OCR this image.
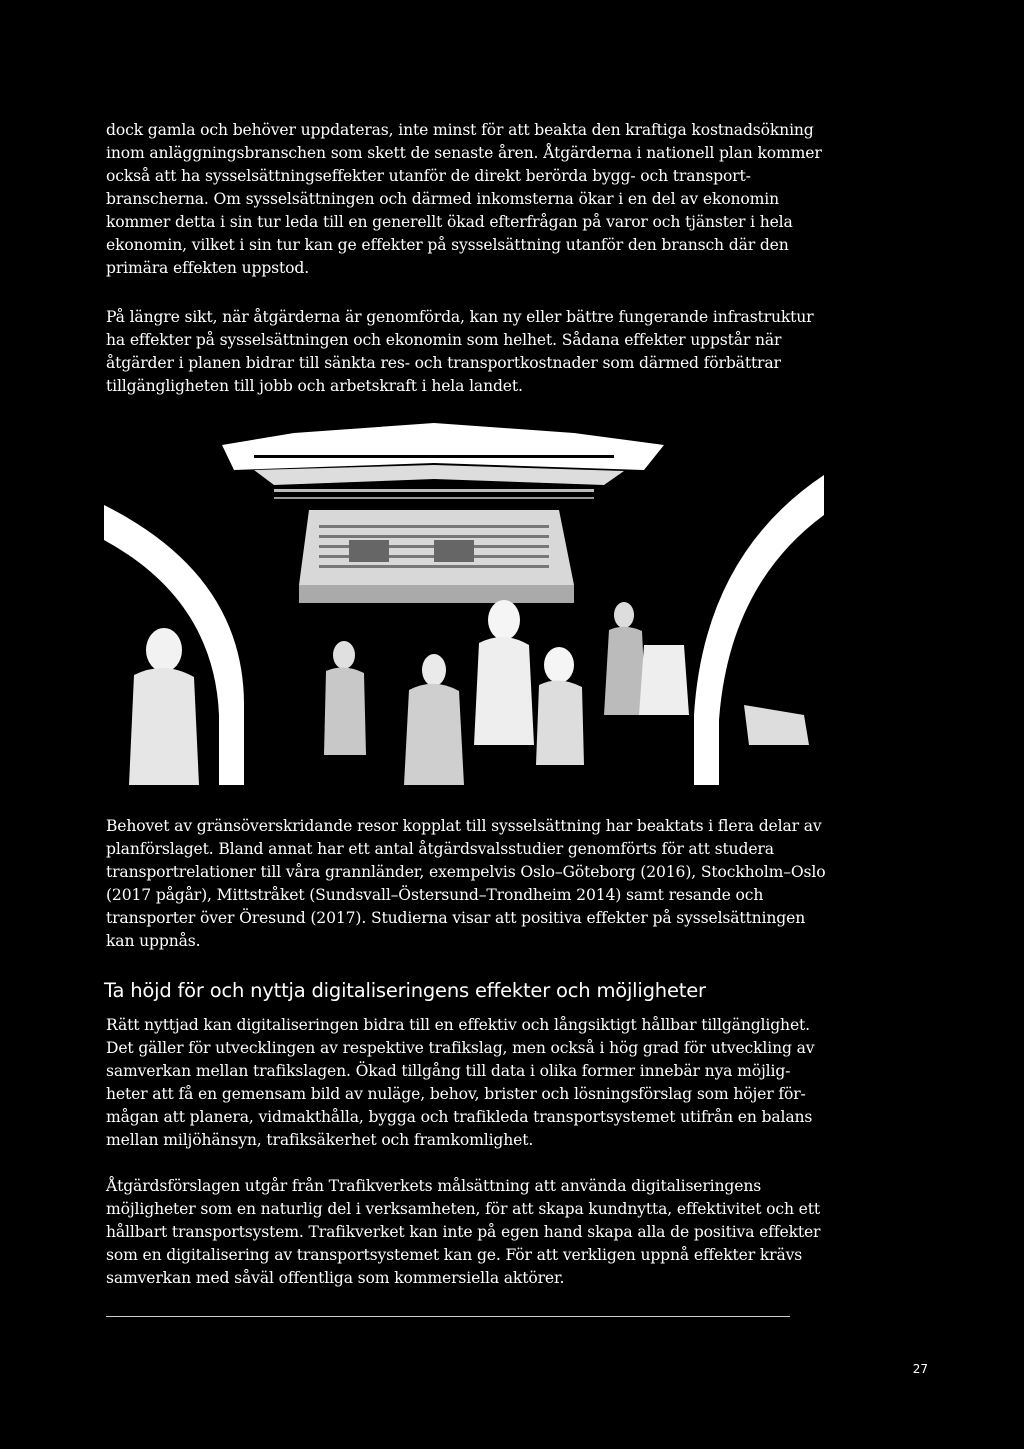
dock gamla och behöver uppdateras, inte minst för att beakta den kraftiga kostnadsökning inom anläggningsbranschen som skett de senaste åren. Åtgärderna i nationell plan kommer också att ha sysselsättningseffekter utanför de direkt berörda bygg- och transportbranscherna. Om sysselsättningen och därmed inkomsterna ökar i en del av ekonomin kommer detta i sin tur leda till en generellt ökad efterfrågan på varor och tjänster i hela ekonomin, vilket i sin tur kan ge effekter på sysselsättning utanför den bransch där den primära effekten uppstod.

På längre sikt, när åtgärderna är genomförda, kan ny eller bättre fungerande infrastruktur ha effekter på sysselsättningen och ekonomin som helhet. Sådana effekter uppstår när åtgärder i planen bidrar till sänkta res- och transportkostnader som därmed förbättrar tillgängligheten till jobb och arbetskraft i hela landet.

Behovet av gränsöverskridande resor kopplat till sysselsättning har beaktats i flera delar av planförslaget. Bland annat har ett antal åtgärdsvalsstudier genomförts för att studera transportrelationer till våra grannländer, exempelvis Oslo–Göteborg (2016), Stockholm–Oslo (2017 pågår), Mittstråket (Sundsvall–Östersund–Trondheim 2014) samt resande och transporter över Öresund (2017). Studierna visar att positiva effekter på sysselsättningen kan uppnås.

Ta höjd för och nyttja digitaliseringens effekter och möjligheter

Rätt nyttjad kan digitaliseringen bidra till en effektiv och långsiktigt hållbar tillgänglighet. Det gäller för utvecklingen av respektive trafikslag, men också i hög grad för utveckling av samverkan mellan trafikslagen. Ökad tillgång till data i olika former innebär nya möjligheter att få en gemensam bild av nuläge, behov, brister och lösningsförslag som höjer förmågan att planera, vidmakthålla, bygga och trafikleda transportsystemet utifrån en balans mellan miljöhänsyn, trafiksäkerhet och framkomlighet.

Åtgärdsförslagen utgår från Trafikverkets målsättning att använda digitaliseringens möjligheter som en naturlig del i verksamheten, för att skapa kundnytta, effektivitet och ett hållbart transportsystem. Trafikverket kan inte på egen hand skapa alla de positiva effekter som en digitalisering av transportsystemet kan ge. För att verkligen uppnå effekter krävs samverkan med såväl offentliga som kommersiella aktörer.

27
